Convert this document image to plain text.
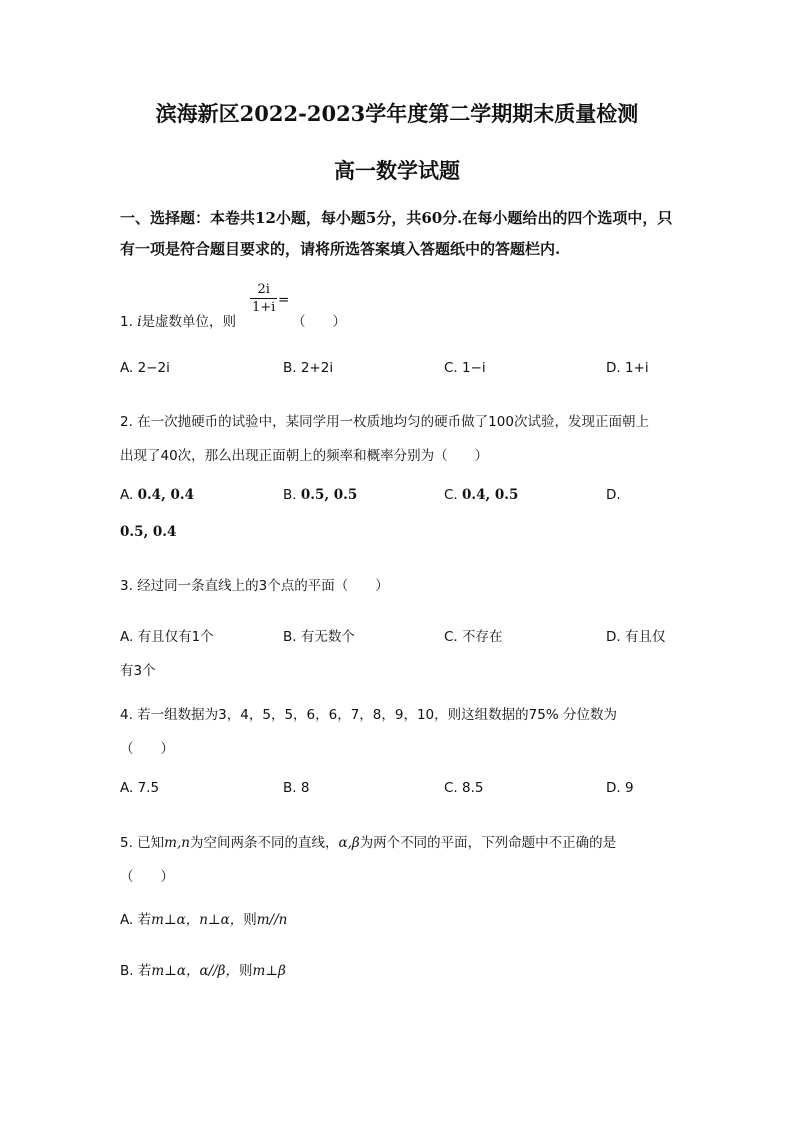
滨海新区2022-2023学年度第二学期期末质量检测
高一数学试题
一、选择题：本卷共12小题，每小题5分，共60分.在每小题给出的四个选项中，只有一项是符合题目要求的，请将所选答案填入答题纸中的答题栏内.
1. i是虚数单位，则
2i
1+i =
（　　）
A. 2−2i	B. 2+2i	C. 1−i	D. 1+i
2. 在一次抛硬币的试验中，某同学用一枚质地均匀的硬币做了100次试验，发现正面朝上
出现了40次，那么出现正面朝上的频率和概率分别为（　　）
A. 0.4, 0.4	B. 0.5, 0.5	C. 0.4, 0.5	D.
0.5, 0.4
3. 经过同一条直线上的3个点的平面（　　）
A. 有且仅有1个	B. 有无数个	C. 不存在	D. 有且仅
有3个
4. 若一组数据为3，4，5，5，6，6，7，8，9，10，则这组数据的75% 分位数为
（　　）
A. 7.5	B. 8	C. 8.5	D. 9
5. 已知m,n为空间两条不同的直线，α,β为两个不同的平面，下列命题中不正确的是
（　　）
A. 若m⊥α，n⊥α，则m//n
B. 若m⊥α，α//β，则m⊥β
